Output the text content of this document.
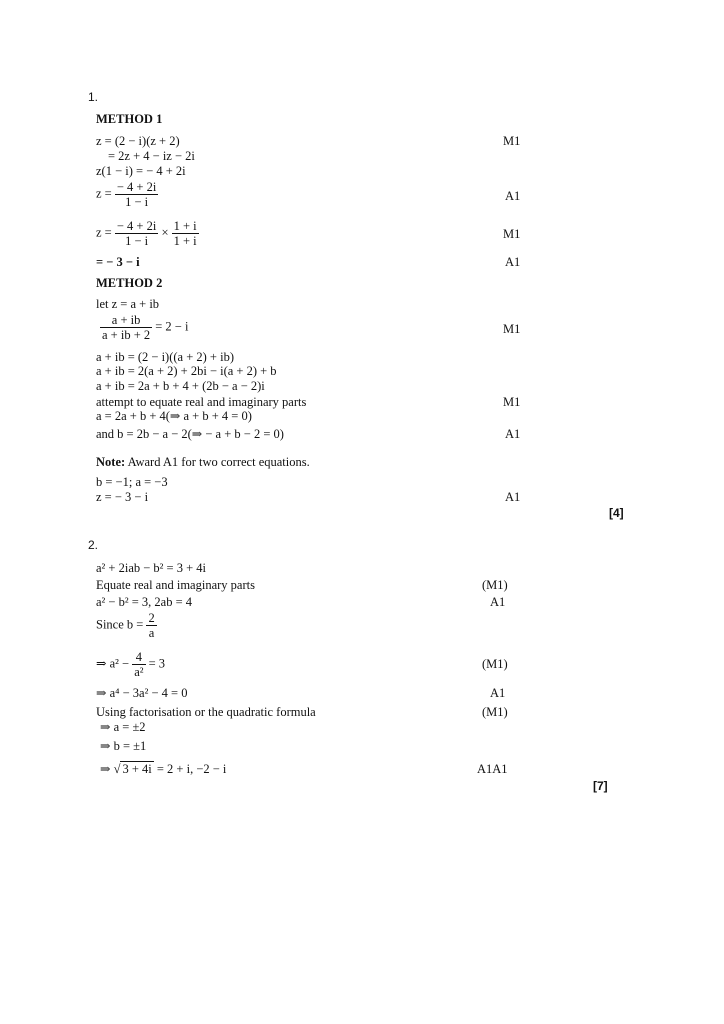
1.
METHOD 1
z = (2 − i)(z + 2)	M1
= 2z + 4 − iz − 2i
z(1 − i) = − 4 + 2i
$z = \frac{- 4 + 2i}{1 - i}$	A1
$z = \frac{- 4 + 2i}{1 - i} \times \frac{1 + i}{1 + i}$	M1
= − 3 − i	A1
METHOD 2
let z = a + ib
$\frac{a + ib}{a + ib + 2} = 2 - i$	M1
a + ib = (2 − i)((a + 2) + ib)
a + ib = 2(a + 2) + 2bi − i(a + 2) + b
a + ib = 2a + b + 4 + (2b − a − 2)i
attempt to equate real and imaginary parts	M1
a = 2a + b + 4(⇒ a + b + 4 = 0)
and b = 2b − a − 2(⇒ − a + b − 2 = 0)	A1
Note: Award A1 for two correct equations.
b = −1; a = −3
z = − 3 − i	A1
[4]
2.
a² + 2iab − b² = 3 + 4i
Equate real and imaginary parts	(M1)
a² − b² = 3, 2ab = 4	A1
Since $b = \frac{2}{a}$
⇒ $a^2 - \frac{4}{\text{a²}} = 3$	(M1)
⇒ a⁴ − 3a² − 4 = 0	A1
Using factorisation or the quadratic formula	(M1)
⇒ a = ±2
⇒ b = ±1
⇒ √ 3 + 4i = 2 + i, −2 − i	A1A1
[7]
